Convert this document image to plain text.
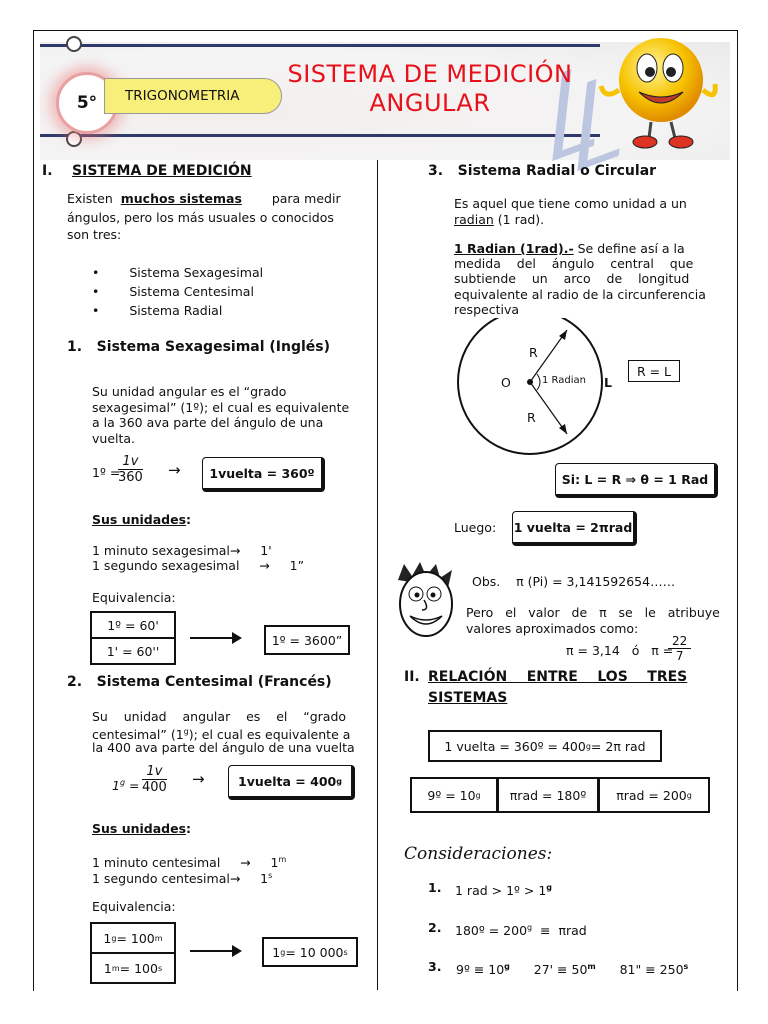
5°	TRIGONOMETRIA
SISTEMA DE MEDICIÓN
ANGULAR
I. SISTEMA DE MEDICIÓN
Existen muchos sistemas para medir
ángulos, pero los más usuales o conocidos
son tres:
• Sistema Sexagesimal
• Sistema Centesimal
• Sistema Radial
1.   Sistema Sexagesimal (Inglés)
Su unidad angular es el “grado
sexagesimal” (1º); el cual es equivalente
a la 360 ava parte del ángulo de una
vuelta.
1º =
$\frac{1v}{360}$ →	1vuelta = 360º
Sus unidades:
1 minuto sexagesimal→     1'
1 segundo sexagesimal     →     1”
Equivalencia:
1º = 60'
1' = 60''
1º = 3600”
2.   Sistema Centesimal (Francés)
Su    unidad    angular    es    el    “grado
centesimal” (1$^g$); el cual es equivalente a
la 400 ava parte del ángulo de una vuelta
$1^g = \frac{1v}{400}$ →	1vuelta = 400 g
Sus unidades:
1 minuto centesimal     →     1$^m$
1 segundo centesimal→     1$^s$
Equivalencia:
1 g = 100 m
1 m = 100 s
1 g = 10 000 s
3.   Sistema Radial o Circular
Es aquel que tiene como unidad a un
radian (1 rad).
1 Radian (1rad).- Se define así a la
medida    del    ángulo    central    que
subtiende    un    arco    de    longitud
equivalente al radio de la circunferencia
respectiva
R
R
O	1 Radian L
R = L
Si: L = R ⇒ θ = 1 Rad
Luego: 1 vuelta = 2πrad
Obs.    π (Pi) = 3,141592654……
Pero   el   valor   de   π   se   le   atribuye
valores aproximados como:
π = 3,14   ó   π =
$\frac{22}{7}$
II. RELACIÓN    ENTRE    LOS    TRES
SISTEMAS
1 vuelta = 360º = 400 g = 2π rad
9º = 10 g πrad = 180º πrad = 200 g
Consideraciones:
1. 1 rad > 1º > $1^g$
2. 180º = $200^g \equiv \pi rad$
3. 9º ≡ $10^g$      $27' \equiv 50^m$      81" ≡ $250^s$
